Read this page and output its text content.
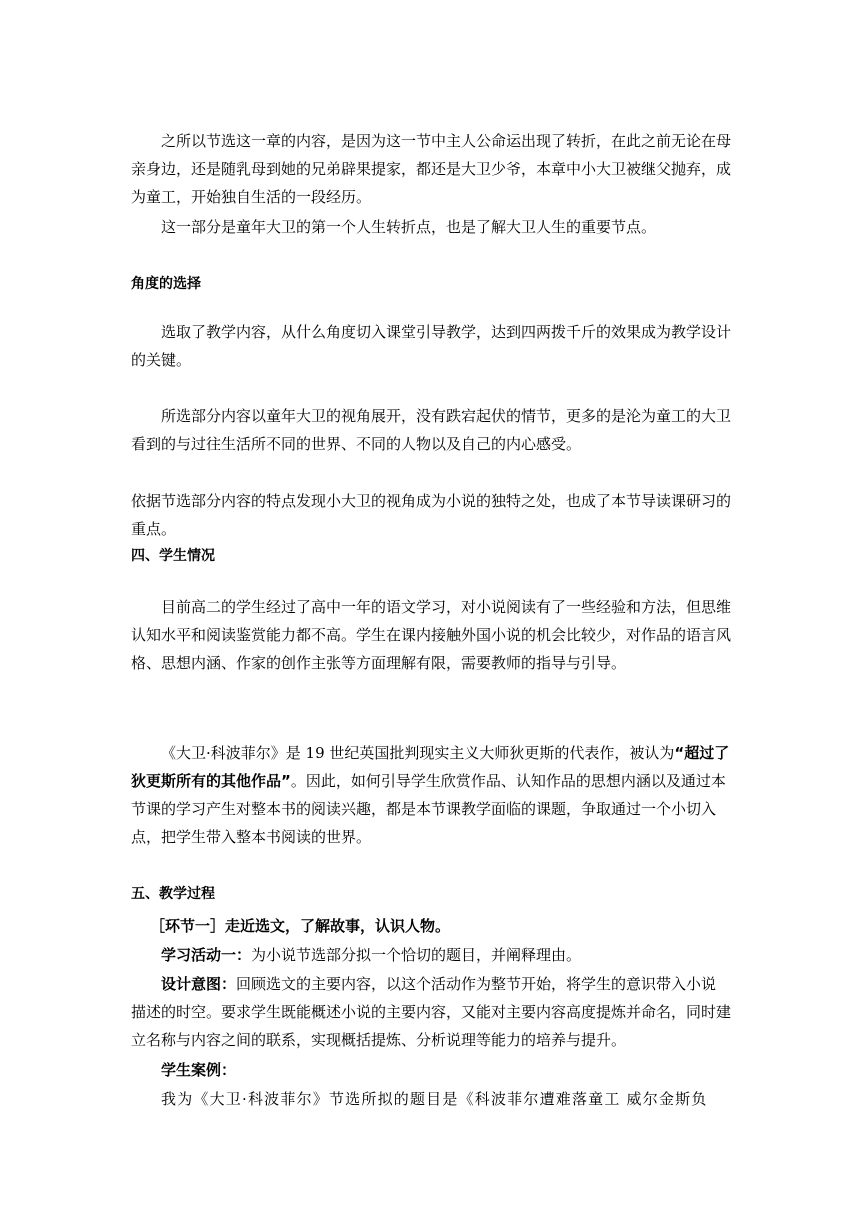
之所以节选这一章的内容，是因为这一节中主人公命运出现了转折，在此之前无论在母亲身边，还是随乳母到她的兄弟辟果提家，都还是大卫少爷，本章中小大卫被继父抛弃，成为童工，开始独自生活的一段经历。

这一部分是童年大卫的第一个人生转折点，也是了解大卫人生的重要节点。

角度的选择

选取了教学内容，从什么角度切入课堂引导教学，达到四两拨千斤的效果成为教学设计的关键。

所选部分内容以童年大卫的视角展开，没有跌宕起伏的情节，更多的是沦为童工的大卫看到的与过往生活所不同的世界、不同的人物以及自己的内心感受。

依据节选部分内容的特点发现小大卫的视角成为小说的独特之处，也成了本节导读课研习的重点。

四、学生情况

目前高二的学生经过了高中一年的语文学习，对小说阅读有了一些经验和方法，但思维认知水平和阅读鉴赏能力都不高。学生在课内接触外国小说的机会比较少，对作品的语言风格、思想内涵、作家的创作主张等方面理解有限，需要教师的指导与引导。

《大卫·科波菲尔》是 19 世纪英国批判现实主义大师狄更斯的代表作，被认为“超过了狄更斯所有的其他作品”。因此，如何引导学生欣赏作品、认知作品的思想内涵以及通过本节课的学习产生对整本书的阅读兴趣，都是本节课教学面临的课题，争取通过一个小切入点，把学生带入整本书阅读的世界。

五、教学过程

［环节一］走近选文，了解故事，认识人物。

学习活动一：为小说节选部分拟一个恰切的题目，并阐释理由。

设计意图：回顾选文的主要内容，以这个活动作为整节开始，将学生的意识带入小说描述的时空。要求学生既能概述小说的主要内容，又能对主要内容高度提炼并命名，同时建立名称与内容之间的联系，实现概括提炼、分析说理等能力的培养与提升。

学生案例：

我为《大卫·科波菲尔》节选所拟的题目是《科波菲尔遭难落童工 威尔金斯负
